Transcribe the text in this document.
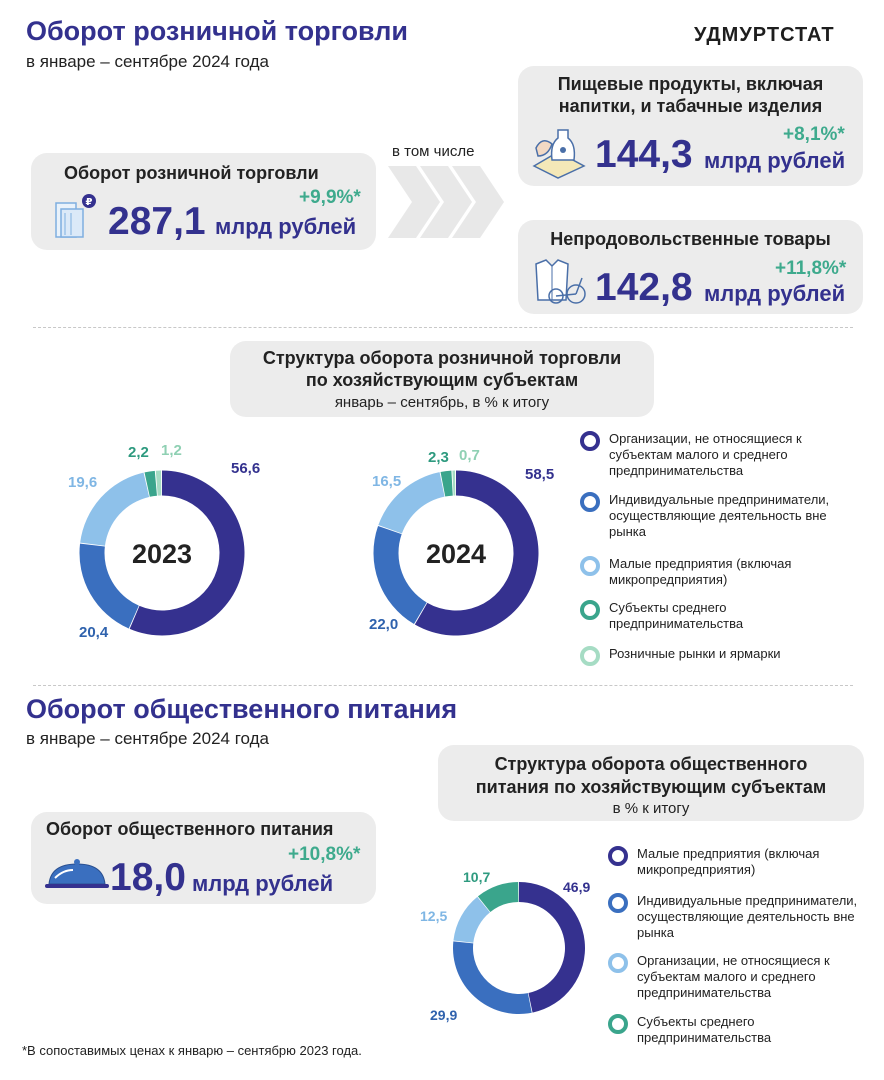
Оборот розничной торговли
в январе – сентябре 2024 года
УДМУРТСТАТ
Оборот розничной торговли
+9,9%*
₽ 287,1 млрд рублей
в том числе
Пищевые продукты, включая
напитки, и табачные изделия
+8,1%*
144,3 млрд рублей
Непродовольственные товары
+11,8%*
142,8 млрд рублей
Структура оборота розничной торговли
по хозяйствующим субъектам
январь – сентябрь, в % к итогу
56,6
20,4
19,6
2,2 1,2
2023
58,5
22,0
16,5
2,3 0,7
2024
46,9
29,9
12,5
10,7
Организации, не относящиеся к субъектам малого и среднего предпринимательства
Индивидуальные предприниматели, осуществляющие деятельность вне рынка
Малые предприятия (включая микропредприятия)
Субъекты среднего предпринимательства
Розничные рынки и ярмарки
Оборот общественного питания
в январе – сентябре 2024 года
Структура оборота общественного
питания по хозяйствующим субъектам
в % к итогу
Оборот общественного питания
+10,8%*
18,0 млрд рублей
Малые предприятия (включая микропредприятия)
Индивидуальные предприниматели, осуществляющие деятельность вне рынка
Организации, не относящиеся к субъектам малого и среднего предпринимательства
Субъекты среднего предпринимательства
*В сопоставимых ценах к январю – сентябрю 2023 года.
